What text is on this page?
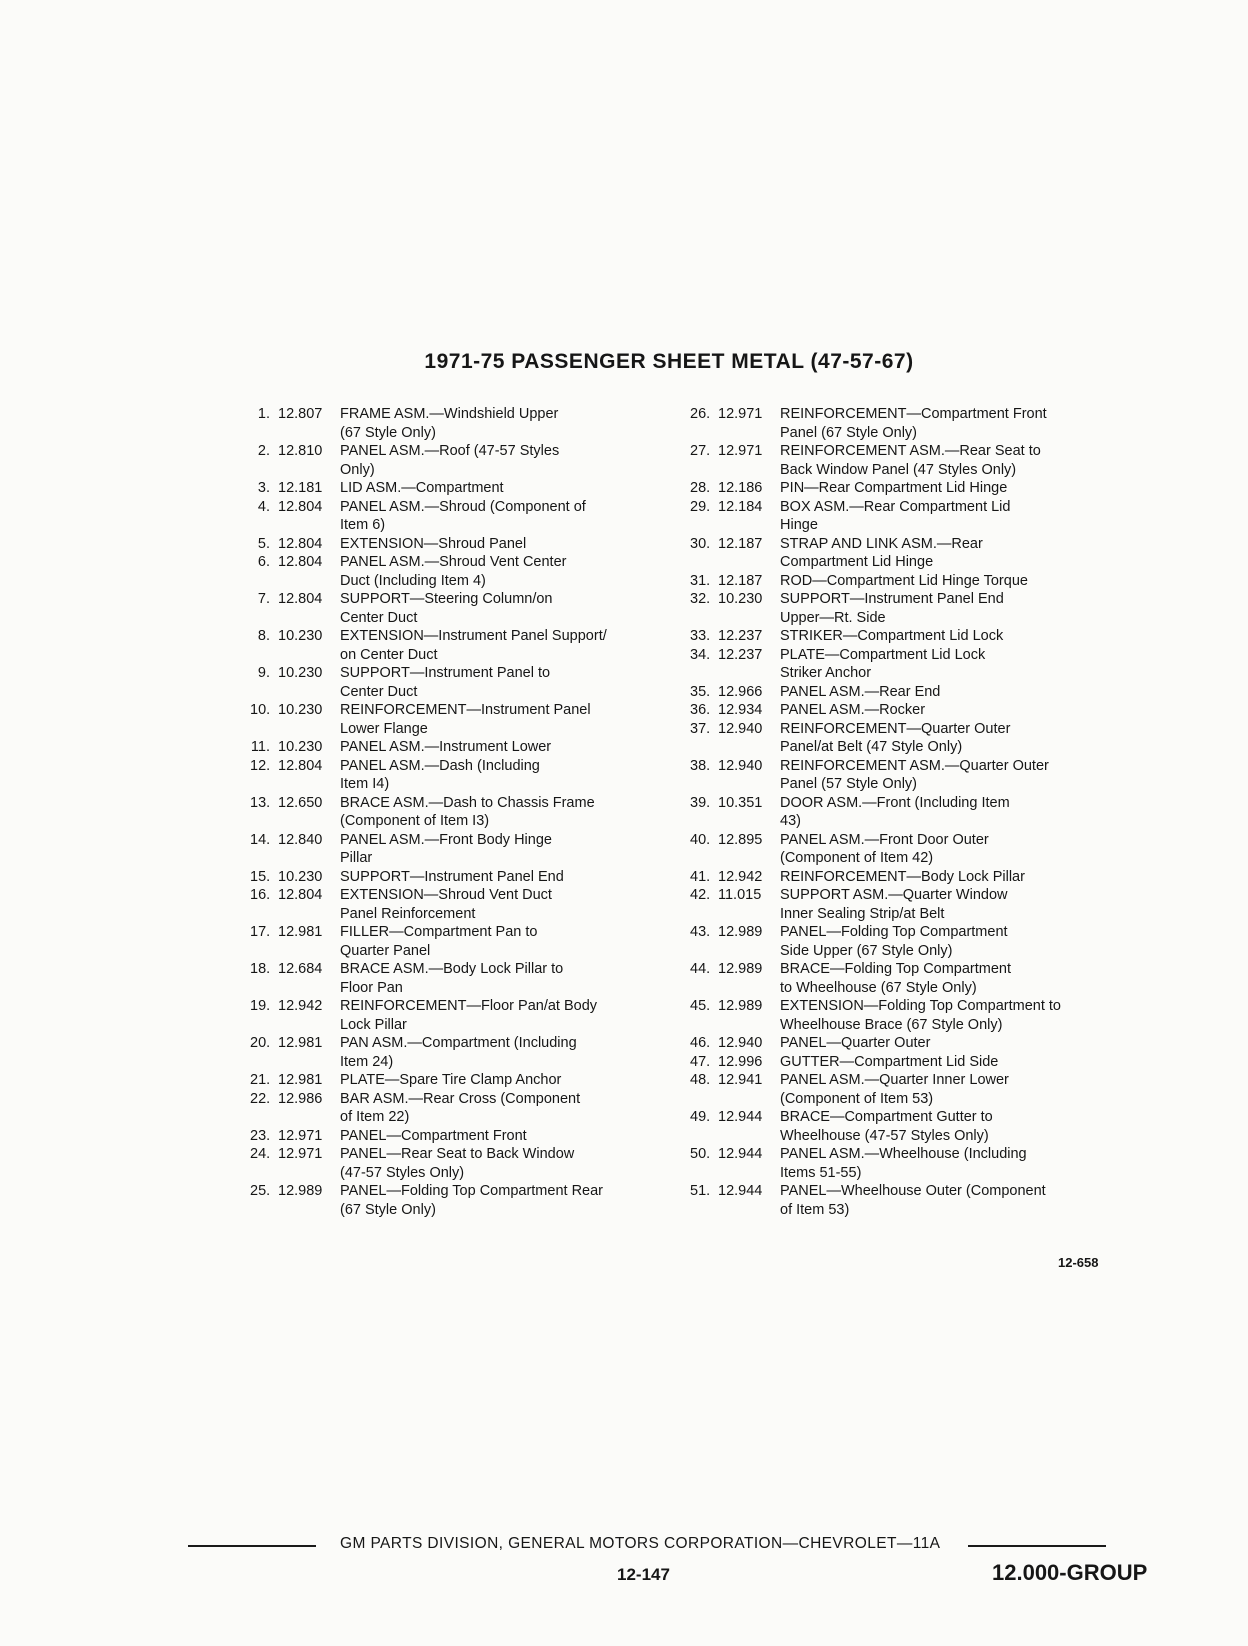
1971-75 PASSENGER SHEET METAL (47-57-67)
1. 12.807	FRAME ASM.—Windshield Upper
(67 Style Only)
2. 12.810	PANEL ASM.—Roof (47-57 Styles
Only)
3. 12.181	LID ASM.—Compartment
4. 12.804	PANEL ASM.—Shroud (Component of
Item 6)
5. 12.804	EXTENSION—Shroud Panel
6. 12.804	PANEL ASM.—Shroud Vent Center
Duct (Including Item 4)
7. 12.804	SUPPORT—Steering Column/on
Center Duct
8. 10.230	EXTENSION—Instrument Panel Support/
on Center Duct
9. 10.230	SUPPORT—Instrument Panel to
Center Duct
10. 10.230	REINFORCEMENT—Instrument Panel
Lower Flange
11. 10.230	PANEL ASM.—Instrument Lower
12. 12.804	PANEL ASM.—Dash (Including
Item I4)
13. 12.650	BRACE ASM.—Dash to Chassis Frame
(Component of Item I3)
14. 12.840	PANEL ASM.—Front Body Hinge
Pillar
15. 10.230	SUPPORT—Instrument Panel End
16. 12.804	EXTENSION—Shroud Vent Duct
Panel Reinforcement
17. 12.981	FILLER—Compartment Pan to
Quarter Panel
18. 12.684	BRACE ASM.—Body Lock Pillar to
Floor Pan
19. 12.942	REINFORCEMENT—Floor Pan/at Body
Lock Pillar
20. 12.981	PAN ASM.—Compartment (Including
Item 24)
21. 12.981	PLATE—Spare Tire Clamp Anchor
22. 12.986	BAR ASM.—Rear Cross (Component
of Item 22)
23. 12.971	PANEL—Compartment Front
24. 12.971	PANEL—Rear Seat to Back Window
(47-57 Styles Only)
25. 12.989	PANEL—Folding Top Compartment Rear
(67 Style Only)
26. 12.971	REINFORCEMENT—Compartment Front
Panel (67 Style Only)
27. 12.971	REINFORCEMENT ASM.—Rear Seat to
Back Window Panel (47 Styles Only)
28. 12.186	PIN—Rear Compartment Lid Hinge
29. 12.184	BOX ASM.—Rear Compartment Lid
Hinge
30. 12.187	STRAP AND LINK ASM.—Rear
Compartment Lid Hinge
31. 12.187	ROD—Compartment Lid Hinge Torque
32. 10.230	SUPPORT—Instrument Panel End
Upper—Rt. Side
33. 12.237	STRIKER—Compartment Lid Lock
34. 12.237	PLATE—Compartment Lid Lock
Striker Anchor
35. 12.966	PANEL ASM.—Rear End
36. 12.934	PANEL ASM.—Rocker
37. 12.940	REINFORCEMENT—Quarter Outer
Panel/at Belt (47 Style Only)
38. 12.940	REINFORCEMENT ASM.—Quarter Outer
Panel (57 Style Only)
39. 10.351	DOOR ASM.—Front (Including Item
43)
40. 12.895	PANEL ASM.—Front Door Outer
(Component of Item 42)
41. 12.942	REINFORCEMENT—Body Lock Pillar
42. 11.015	SUPPORT ASM.—Quarter Window
Inner Sealing Strip/at Belt
43. 12.989	PANEL—Folding Top Compartment
Side Upper (67 Style Only)
44. 12.989	BRACE—Folding Top Compartment
to Wheelhouse (67 Style Only)
45. 12.989	EXTENSION—Folding Top Compartment to
Wheelhouse Brace (67 Style Only)
46. 12.940	PANEL—Quarter Outer
47. 12.996	GUTTER—Compartment Lid Side
48. 12.941	PANEL ASM.—Quarter Inner Lower
(Component of Item 53)
49. 12.944	BRACE—Compartment Gutter to
Wheelhouse (47-57 Styles Only)
50. 12.944	PANEL ASM.—Wheelhouse (Including
Items 51-55)
51. 12.944	PANEL—Wheelhouse Outer (Component
of Item 53)
12-658
GM PARTS DIVISION, GENERAL MOTORS CORPORATION—CHEVROLET—11A
12-147	12.000-GROUP
